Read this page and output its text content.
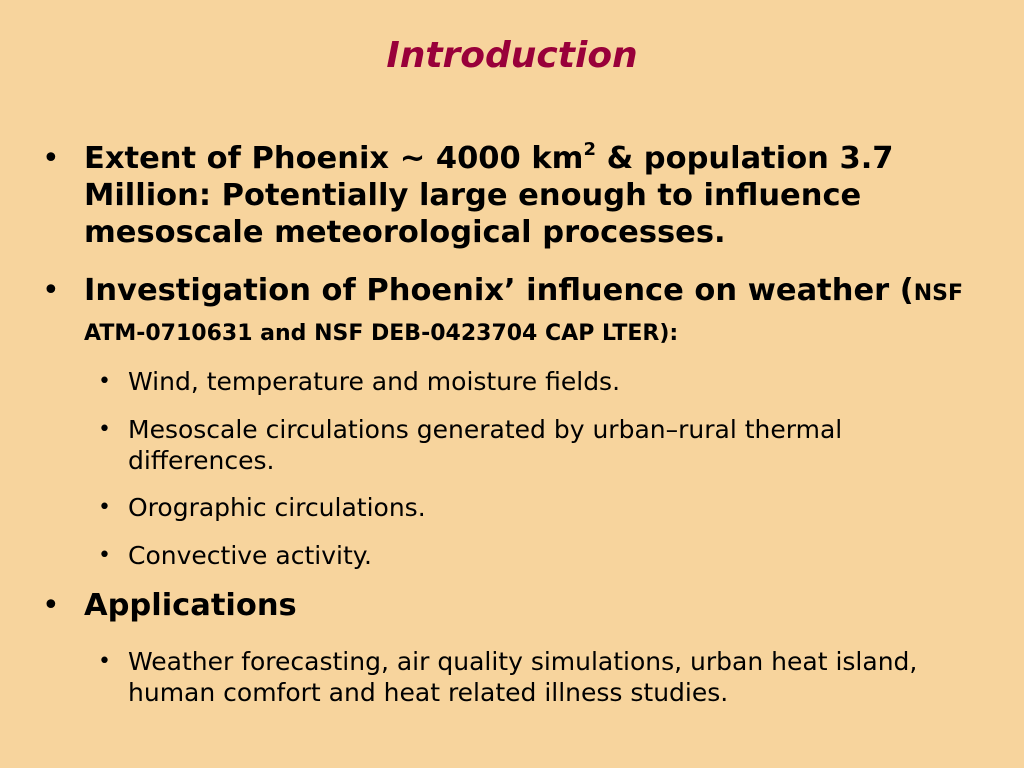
Introduction
• Extent of Phoenix ~ 4000 $km^2$ & population 3.7 Million: Potentially large enough to influence mesoscale meteorological processes.
• Investigation of Phoenix’ influence on weather (NSF ATM-0710631 and NSF DEB-0423704 CAP LTER):
• Wind, temperature and moisture fields.
• Mesoscale circulations generated by urban–rural thermal differences.
• Orographic circulations.
• Convective activity.
• Applications
• Weather forecasting, air quality simulations, urban heat island, human comfort and heat related illness studies.
